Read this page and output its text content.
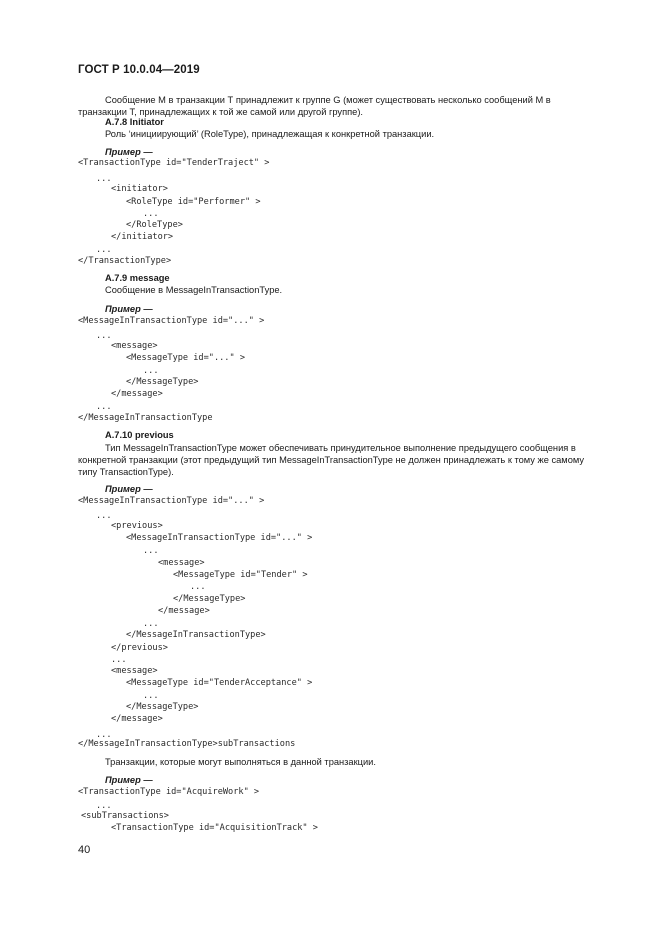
ГОСТ Р 10.0.04—2019
Сообщение М в транзакции Т принадлежит к группе G (может существовать несколько сообщений М в транзакции Т, принадлежащих к той же самой или другой группе).
A.7.8 Initiator
Роль ‘инициирующий’ (RoleType), принадлежащая к конкретной транзакции.
Пример —

<TransactionType id="TenderTraject" >

...

<initiator>

<RoleType id="Performer" >

...

</RoleType>

</initiator>

...

</TransactionType>

A.7.9 message
Сообщение в MessageInTransactionType.
Пример —

<MessageInTransactionType id="..." >

...

<message>

<MessageType id="..." >

...

</MessageType>

</message>

...

</MessageInTransactionType

A.7.10 previous
Тип MessageInTransactionType может обеспечивать принудительное выполнение предыдущего сообщения в конкретной транзакции (этот предыдущий тип MessageInTransactionType не должен принадлежать к тому же самому типу TransactionType).
Пример —

<MessageInTransactionType id="..." >

...

<previous>

<MessageInTransactionType id="..." >

...

<message>

<MessageType id="Tender" >

...

</MessageType>

</message>

...

</MessageInTransactionType>

</previous>

...

<message>

<MessageType id="TenderAcceptance" >

...

</MessageType>

</message>

...

</MessageInTransactionType>subTransactions

Транзакции, которые могут выполняться в данной транзакции.
Пример —

<TransactionType id="AcquireWork" >

...

<subTransactions>

<TransactionType id="AcquisitionTrack" >

40
